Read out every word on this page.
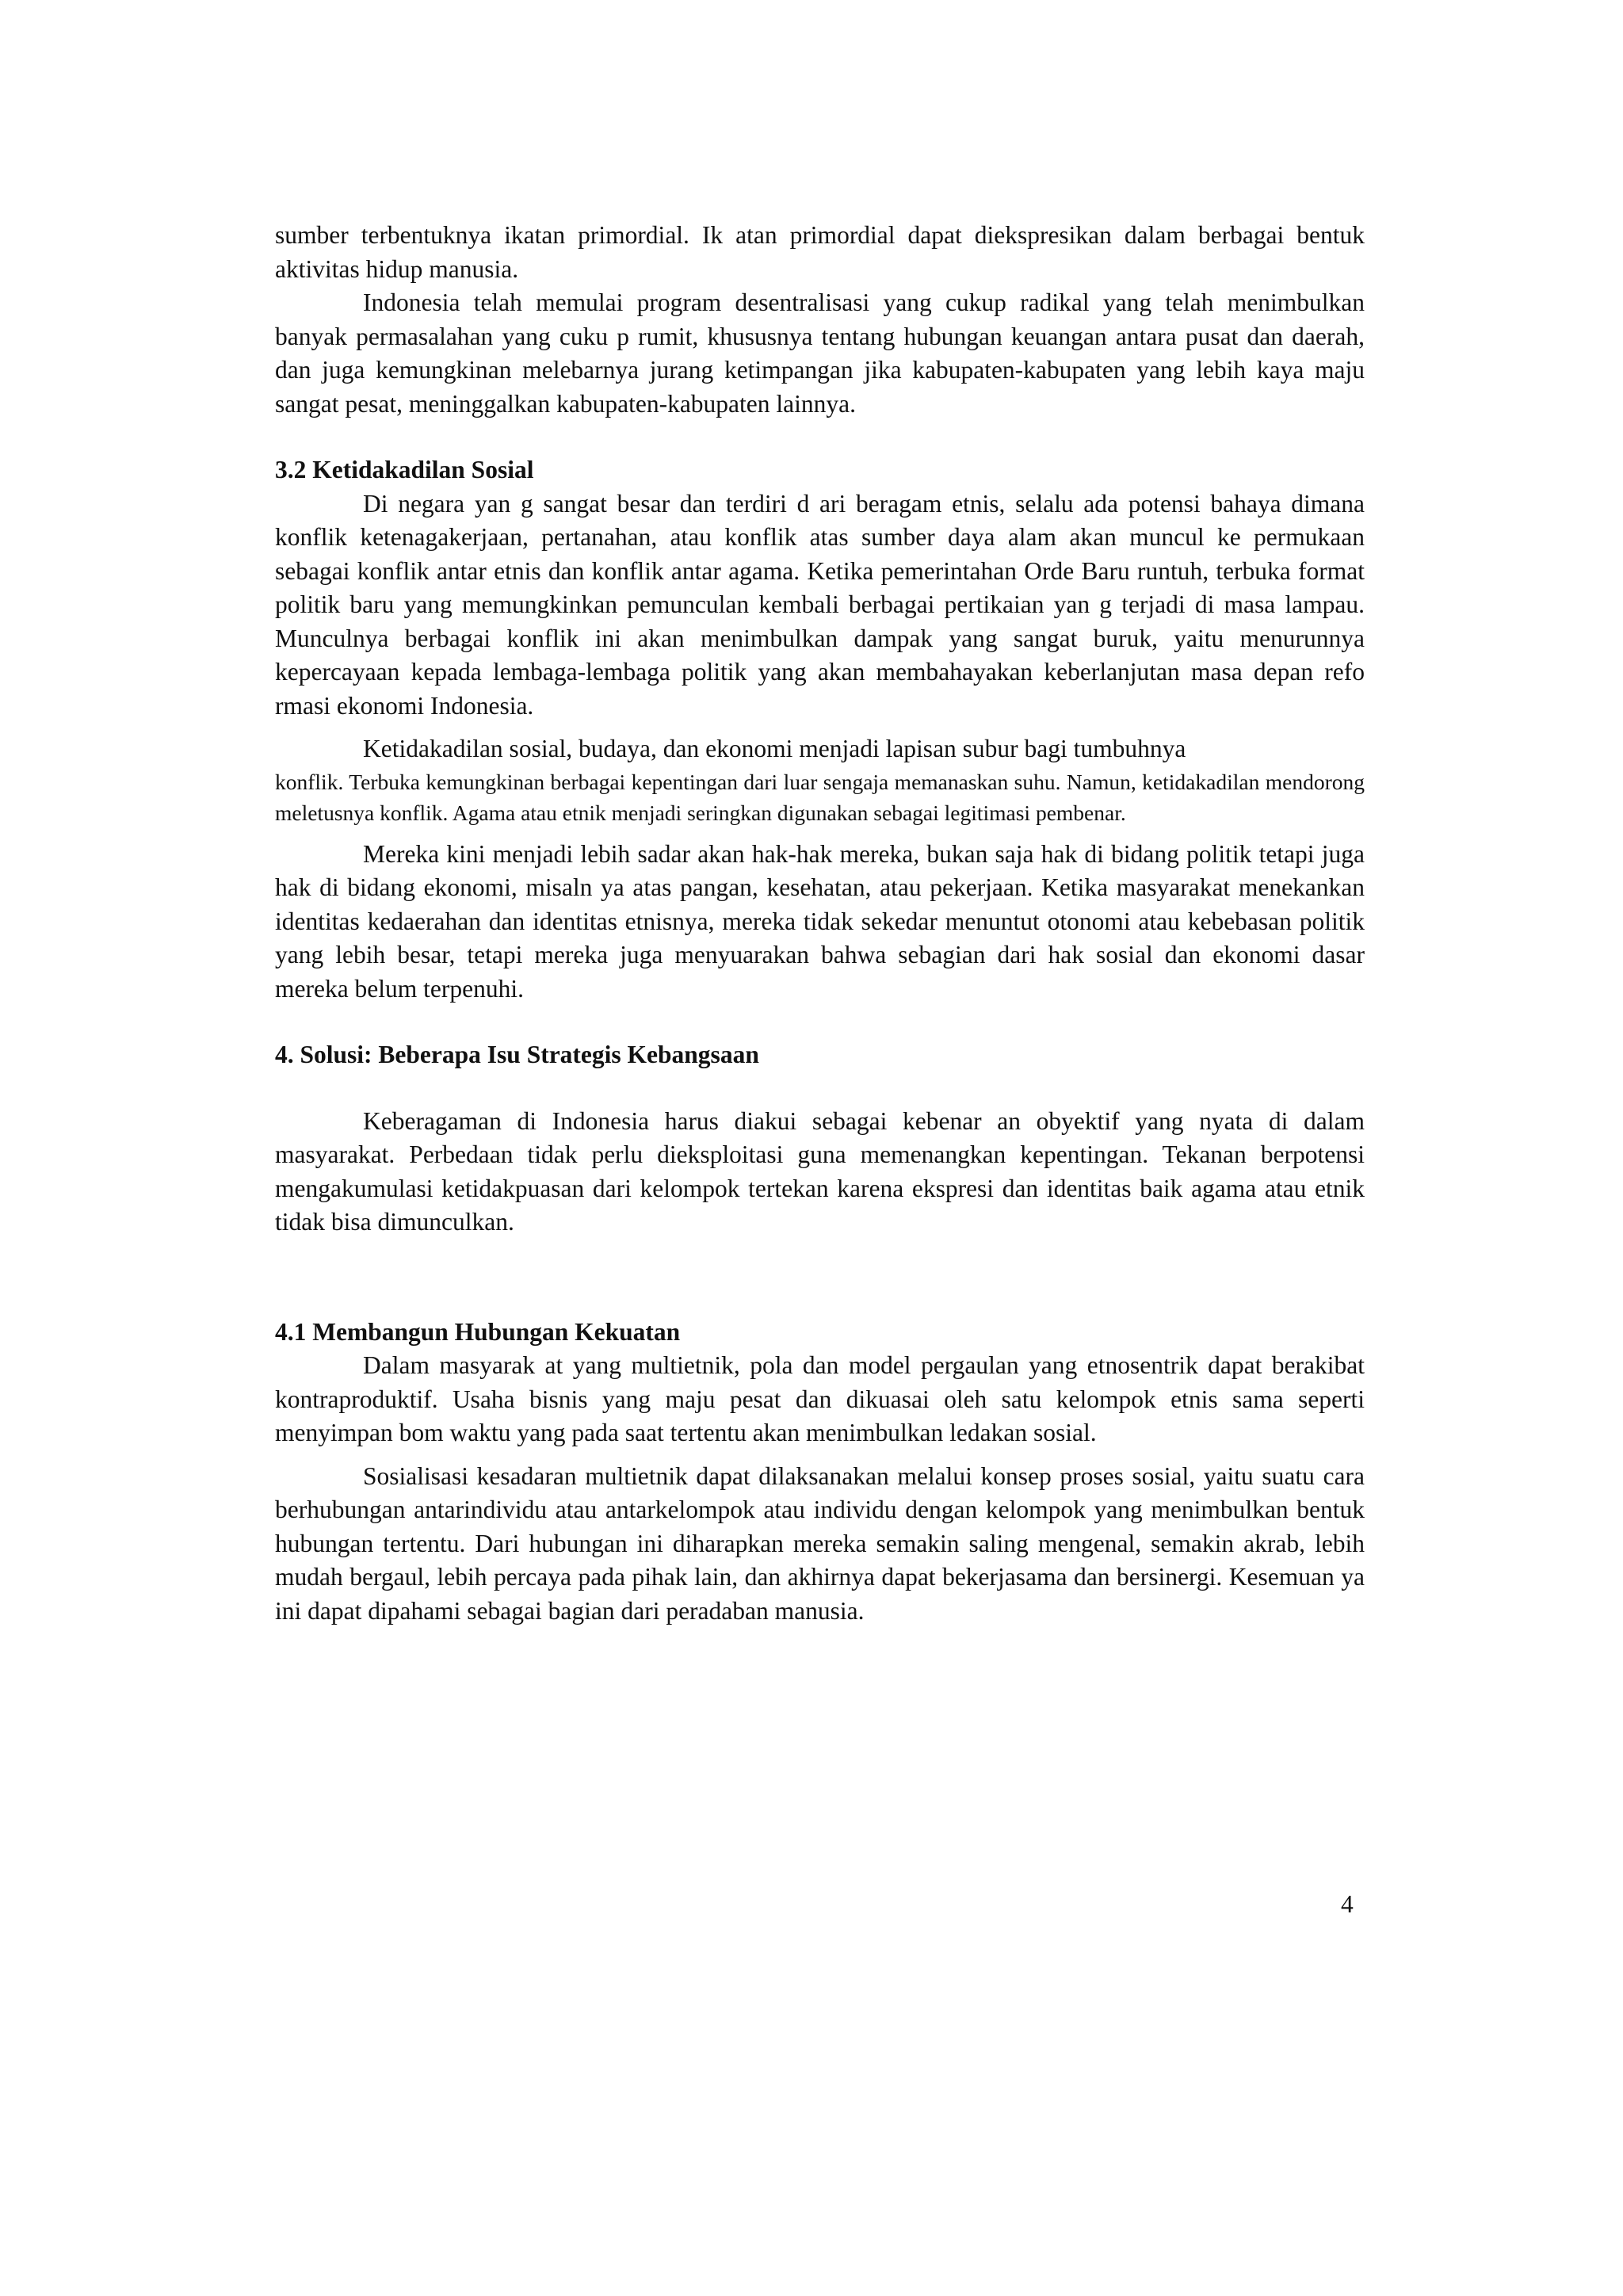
sumber terbentuknya ikatan primordial. Ik atan primordial dapat diekspresikan dalam berbagai bentuk aktivitas hidup manusia.

Indonesia telah memulai program desentralisasi yang cukup radikal yang telah menimbulkan banyak permasalahan yang cuku p rumit, khususnya tentang hubungan keuangan antara pusat dan daerah, dan juga kemungkinan melebarnya jurang ketimpangan jika kabupaten-kabupaten yang lebih kaya maju sangat pesat, meninggalkan kabupaten-kabupaten lainnya.

3.2 Ketidakadilan Sosial

Di negara yan g sangat besar dan terdiri d ari beragam etnis, selalu ada potensi bahaya dimana konflik ketenagakerjaan, pertanahan, atau konflik atas sumber daya alam akan muncul ke permukaan sebagai konflik antar etnis dan konflik antar agama. Ketika pemerintahan Orde Baru runtuh, terbuka format politik baru yang memungkinkan pemunculan kembali berbagai pertikaian yan g terjadi di masa lampau. Munculnya berbagai konflik ini akan menimbulkan dampak yang sangat buruk, yaitu menurunnya kepercayaan kepada lembaga-lembaga politik yang akan membahayakan keberlanjutan masa depan refo rmasi ekonomi Indonesia.

Ketidakadilan sosial, budaya, dan ekonomi menjadi lapisan subur bagi tumbuhnya

konflik. Terbuka kemungkinan berbagai kepentingan dari luar sengaja memanaskan suhu. Namun, ketidakadilan mendorong meletusnya konflik. Agama atau etnik menjadi seringkan digunakan sebagai legitimasi pembenar.

Mereka kini menjadi lebih sadar akan hak-hak mereka, bukan saja hak di bidang politik tetapi juga hak di bidang ekonomi, misaln ya atas pangan, kesehatan, atau pekerjaan. Ketika masyarakat menekankan identitas kedaerahan dan identitas etnisnya, mereka tidak sekedar menuntut otonomi atau kebebasan politik yang lebih besar, tetapi mereka juga menyuarakan bahwa sebagian dari hak sosial dan ekonomi dasar mereka belum terpenuhi.

4. Solusi: Beberapa Isu Strategis Kebangsaan

Keberagaman di Indonesia harus diakui sebagai kebenar an obyektif yang nyata di dalam masyarakat. Perbedaan tidak perlu dieksploitasi guna memenangkan kepentingan. Tekanan berpotensi mengakumulasi ketidakpuasan dari kelompok tertekan karena ekspresi dan identitas baik agama atau etnik tidak bisa dimunculkan.

4.1 Membangun Hubungan Kekuatan

Dalam masyarak at yang multietnik, pola dan model pergaulan yang etnosentrik dapat berakibat kontraproduktif. Usaha bisnis yang maju pesat dan dikuasai oleh satu kelompok etnis sama seperti menyimpan bom waktu yang pada saat tertentu akan menimbulkan ledakan sosial.

Sosialisasi kesadaran multietnik dapat dilaksanakan melalui konsep proses sosial, yaitu suatu cara berhubungan antarindividu atau antarkelompok atau individu dengan kelompok yang menimbulkan bentuk hubungan tertentu. Dari hubungan ini diharapkan mereka semakin saling mengenal, semakin akrab, lebih mudah bergaul, lebih percaya pada pihak lain, dan akhirnya dapat bekerjasama dan bersinergi. Kesemuan ya ini dapat dipahami sebagai bagian dari peradaban manusia.

4
